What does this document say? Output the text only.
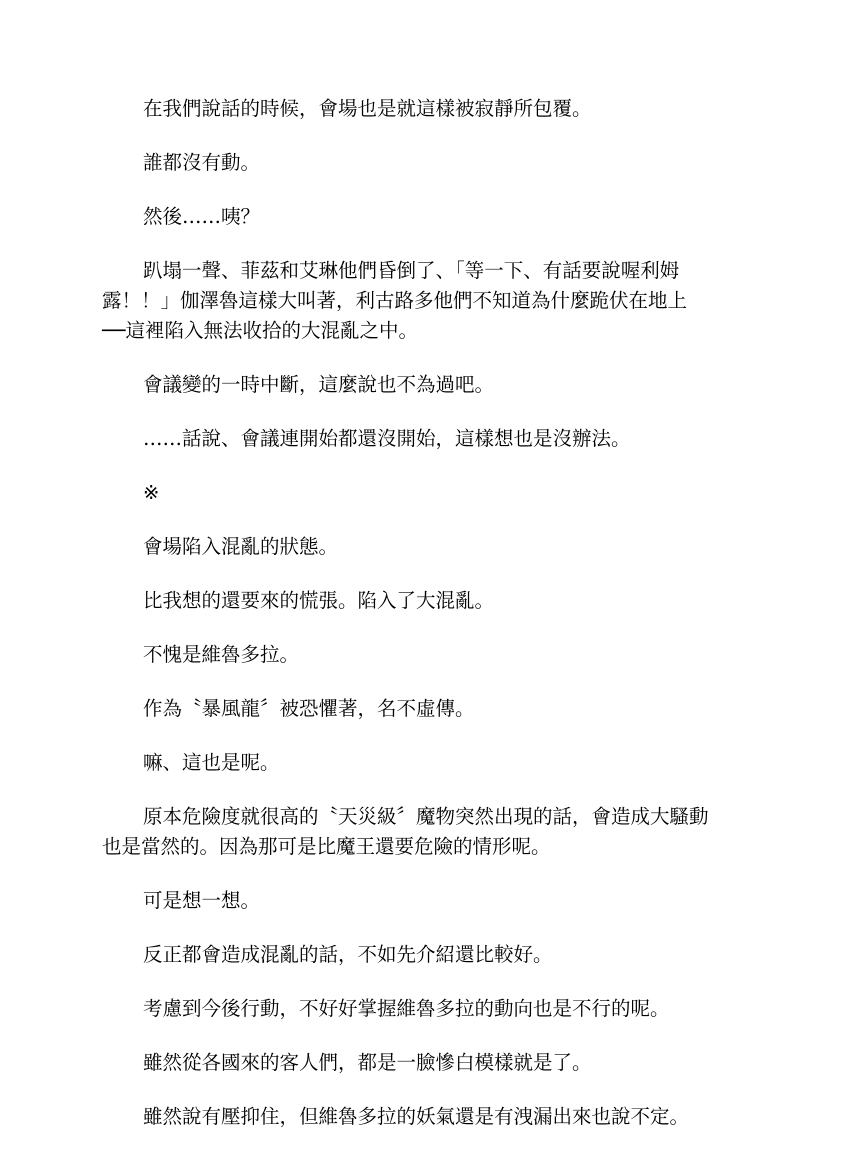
在我們說話的時候，會場也是就這樣被寂靜所包覆。

誰都沒有動。

然後……咦？

趴塌一聲、菲茲和艾琳他們昏倒了、「等一下、有話要說喔利姆
露！！」伽澤魯這樣大叫著，利古路多他們不知道為什麼跪伏在地上
──這裡陷入無法收拾的大混亂之中。

會議變的一時中斷，這麼說也不為過吧。

……話說、會議連開始都還沒開始，這樣想也是沒辦法。

※

會場陷入混亂的狀態。

比我想的還要來的慌張。陷入了大混亂。

不愧是維魯多拉。

作為〝暴風龍〞被恐懼著，名不虛傳。

嘛、這也是呢。

原本危險度就很高的〝天災級〞魔物突然出現的話，會造成大騷動
也是當然的。因為那可是比魔王還要危險的情形呢。

可是想一想。

反正都會造成混亂的話，不如先介紹還比較好。

考慮到今後行動，不好好掌握維魯多拉的動向也是不行的呢。

雖然從各國來的客人們，都是一臉慘白模樣就是了。

雖然說有壓抑住，但維魯多拉的妖氣還是有洩漏出來也說不定。
